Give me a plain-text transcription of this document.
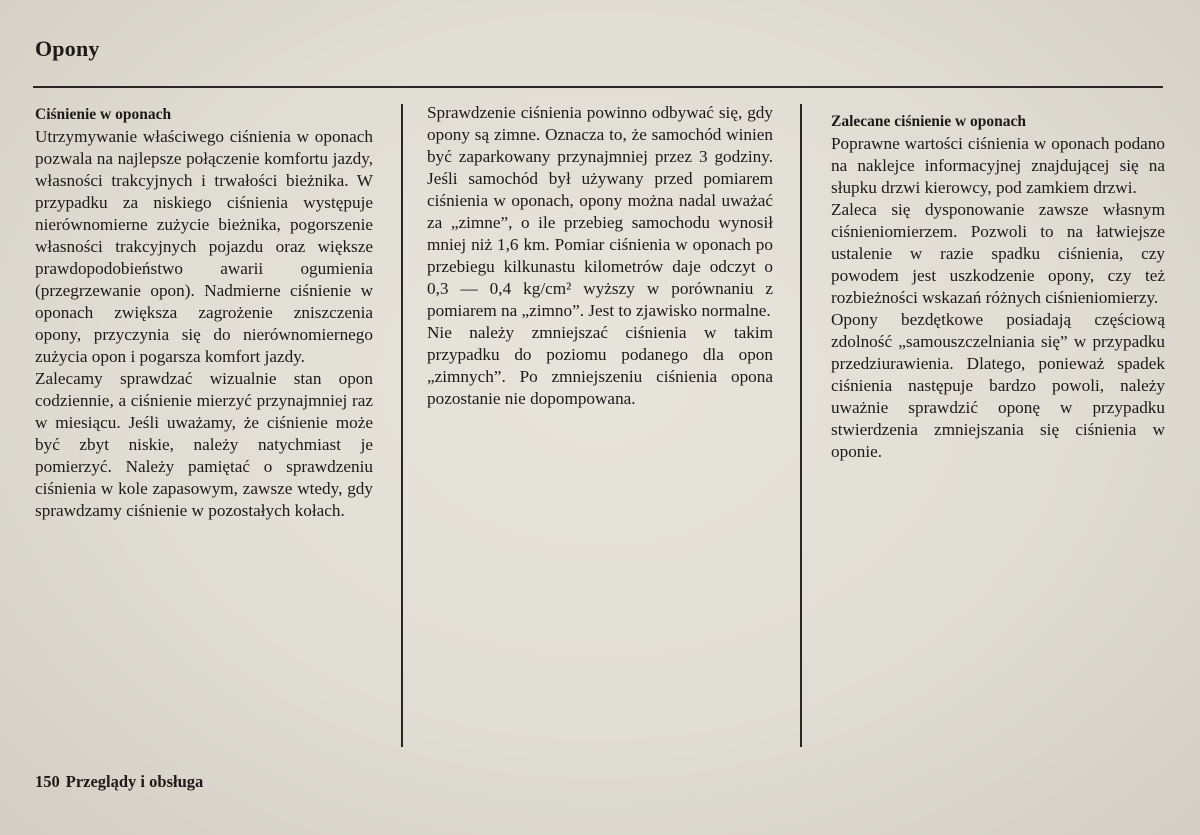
Opony

Ciśnienie w oponach

Utrzymywanie właściwego ciśnienia w oponach pozwala na najlepsze połączenie komfortu jazdy, własności trakcyjnych i trwałości bieżnika. W przypadku za niskiego ciśnienia występuje nierównomierne zużycie bieżnika, pogorszenie własności trakcyjnych pojazdu oraz większe prawdopodobieństwo awarii ogumienia (przegrzewanie opon). Nadmierne ciśnienie w oponach zwiększa zagrożenie zniszczenia opony, przyczynia się do nierównomiernego zużycia opon i pogarsza komfort jazdy.

Zalecamy sprawdzać wizualnie stan opon codziennie, a ciśnienie mierzyć przynajmniej raz w miesiącu. Jeśli uważamy, że ciśnienie może być zbyt niskie, należy natychmiast je pomierzyć. Należy pamiętać o sprawdzeniu ciśnienia w kole zapasowym, zawsze wtedy, gdy sprawdzamy ciśnienie w pozostałych kołach.

Sprawdzenie ciśnienia powinno odbywać się, gdy opony są zimne. Oznacza to, że samochód winien być zaparkowany przynajmniej przez 3 godziny. Jeśli samochód był używany przed pomiarem ciśnienia w oponach, opony można nadal uważać za „zimne”, o ile przebieg samochodu wynosił mniej niż 1,6 km. Pomiar ciśnienia w oponach po przebiegu kilkunastu kilometrów daje odczyt o 0,3 — 0,4 kg/cm² wyższy w porównaniu z pomiarem na „zimno”. Jest to zjawisko normalne.

Nie należy zmniejszać ciśnienia w takim przypadku do poziomu podanego dla opon „zimnych”. Po zmniejszeniu ciśnienia opona pozostanie nie dopompowana.

Zalecane ciśnienie w oponach

Poprawne wartości ciśnienia w oponach podano na naklejce informacyjnej znajdującej się na słupku drzwi kierowcy, pod zamkiem drzwi.

Zaleca się dysponowanie zawsze własnym ciśnieniomierzem. Pozwoli to na łatwiejsze ustalenie w razie spadku ciśnienia, czy powodem jest uszkodzenie opony, czy też rozbieżności wskazań różnych ciśnieniomierzy.

Opony bezdętkowe posiadają częściową zdolność „samouszczelniania się” w przypadku przedziurawienia. Dlatego, ponieważ spadek ciśnienia następuje bardzo powoli, należy uważnie sprawdzić oponę w przypadku stwierdzenia zmniejszania się ciśnienia w oponie.

150 Przeglądy i obsługa
